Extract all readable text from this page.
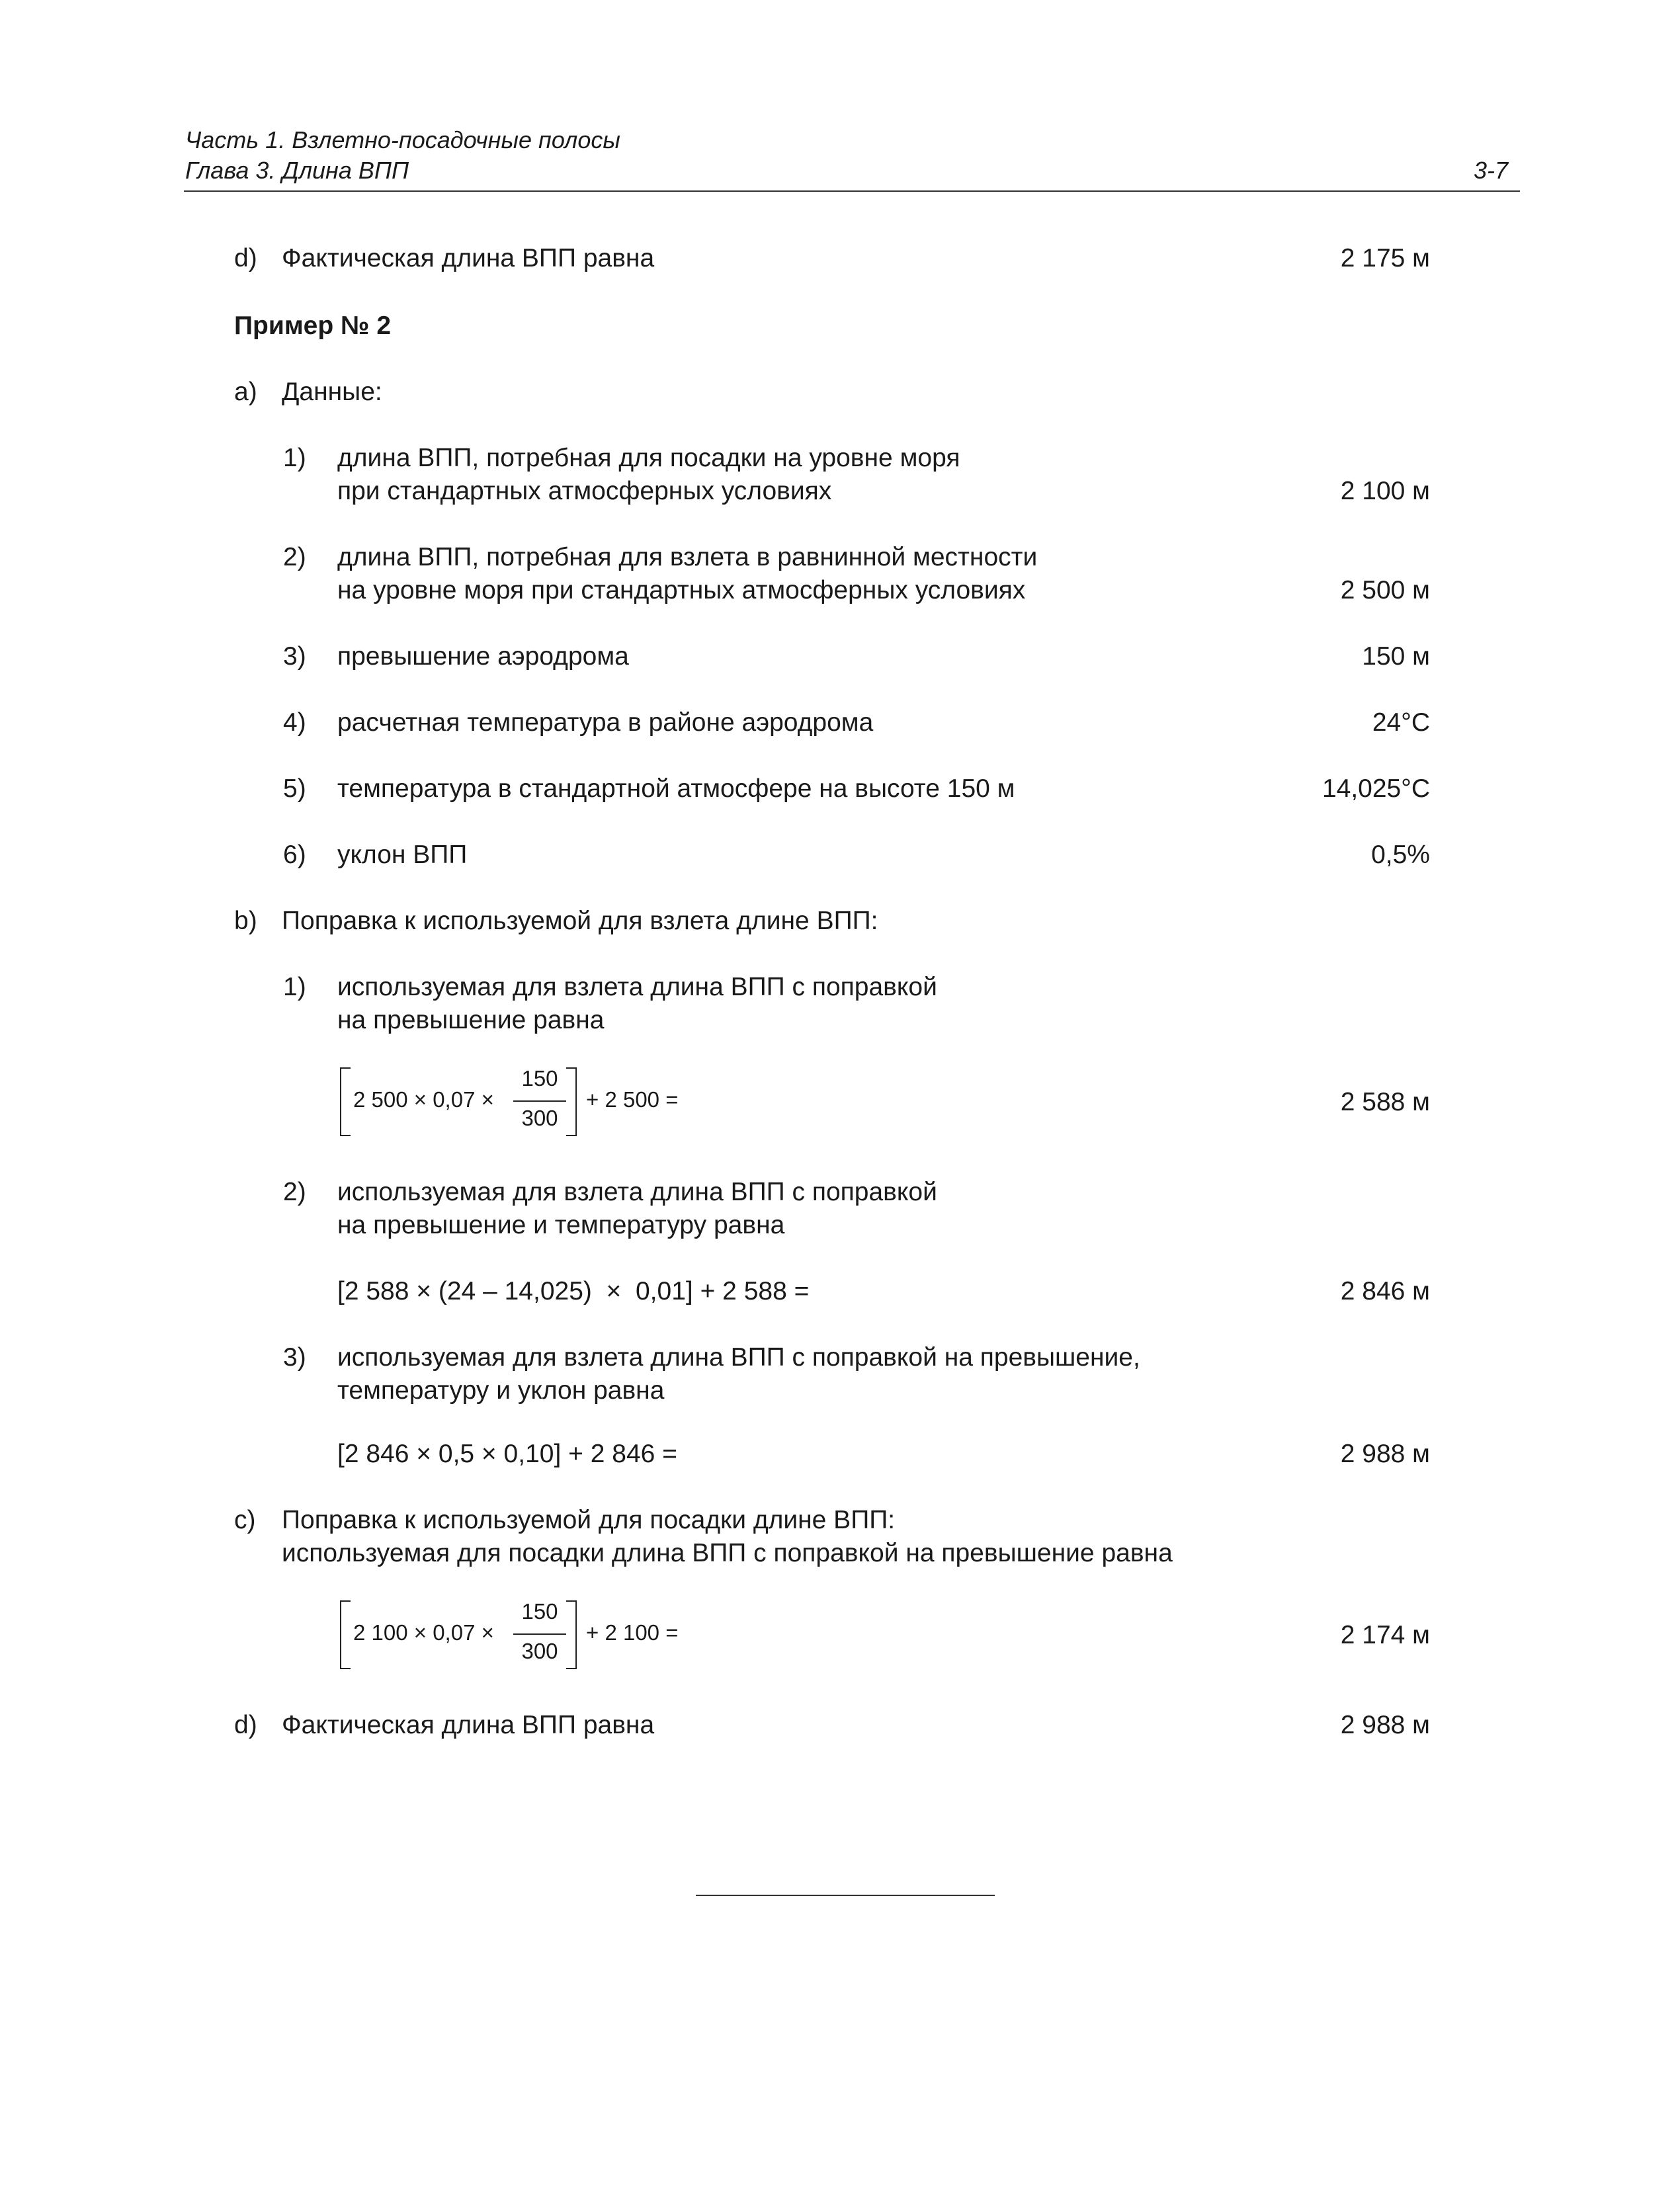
Часть 1. Взлетно-посадочные полосы
Глава 3. Длина ВПП	3-7
d) Фактическая длина ВПП равна	2 175 м
Пример № 2
a) Данные:
1) длина ВПП, потребная для посадки на уровне моря
при стандартных атмосферных условиях	2 100 м
2) длина ВПП, потребная для взлета в равнинной местности
на уровне моря при стандартных атмосферных условиях	2 500 м
3) превышение аэродрома	150 м
4) расчетная температура в районе аэродрома	24°C
5) температура в стандартной атмосфере на высоте 150 м	14,025°C
6) уклон ВПП	0,5%
b) Поправка к используемой для взлета длине ВПП:
1) используемая для взлета длина ВПП с поправкой
на превышение равна
2 500 × 0,07 ×
150
300
+ 2 500 =	2 588 м
2) используемая для взлета длина ВПП с поправкой
на превышение и температуру равна
[2 588 × (24 – 14,025)  ×  0,01] + 2 588 =	2 846 м
3) используемая для взлета длина ВПП с поправкой на превышение,
температуру и уклон равна
[2 846 × 0,5 × 0,10] + 2 846 =	2 988 м
c) Поправка к используемой для посадки длине ВПП:
используемая для посадки длина ВПП с поправкой на превышение равна
2 100 × 0,07 ×
150
300
+ 2 100 =	2 174 м
d) Фактическая длина ВПП равна	2 988 м
